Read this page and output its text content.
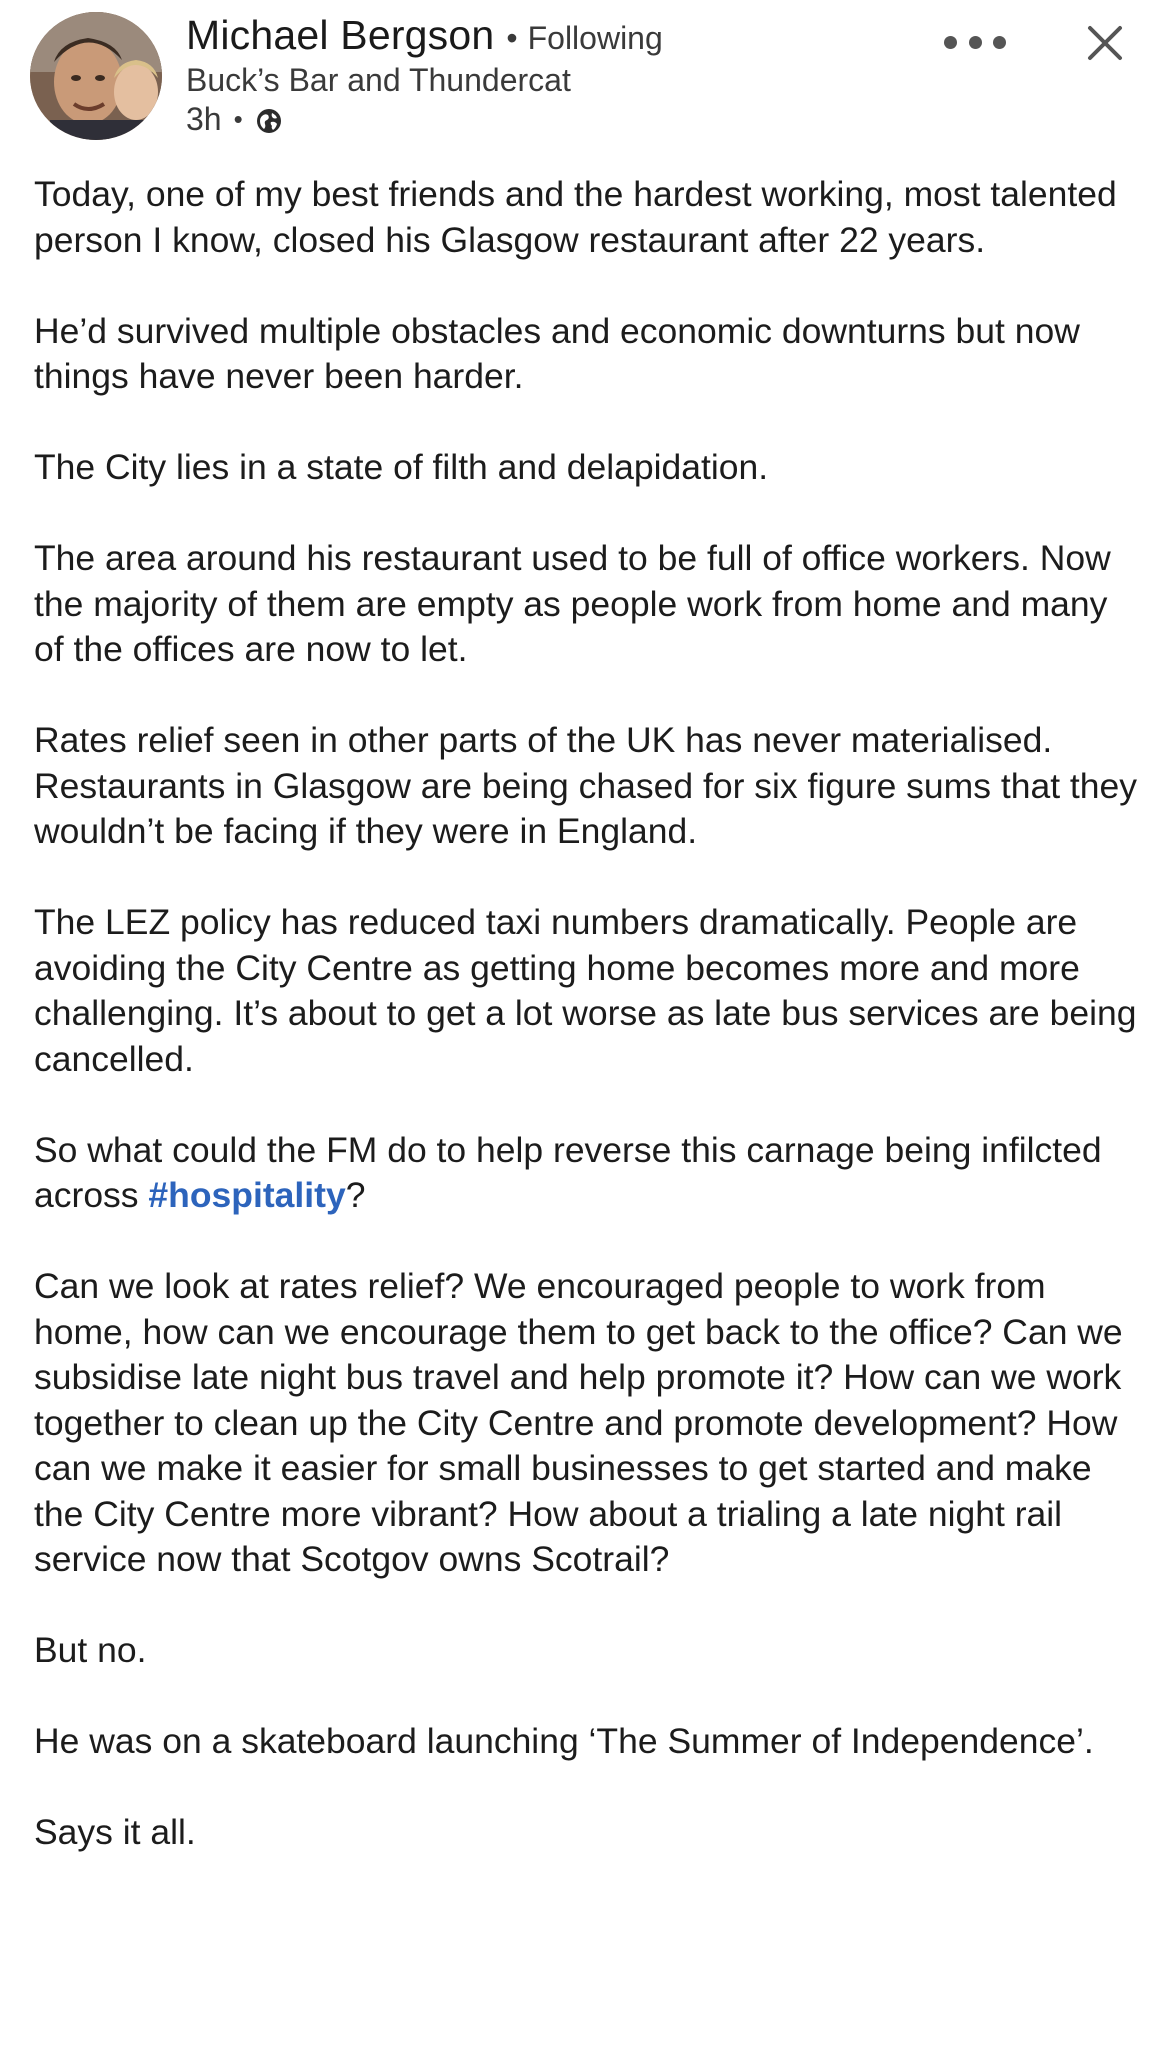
Michael Bergson • Following
Buck’s Bar and Thundercat
3h •

Today, one of my best friends and the hardest working, most talented person I know, closed his Glasgow restaurant after 22 years.

He’d survived multiple obstacles and economic downturns but now things have never been harder.

The City lies in a state of filth and delapidation.

The area around his restaurant used to be full of office workers. Now the majority of them are empty as people work from home and many of the offices are now to let.

Rates relief seen in other parts of the UK has never materialised. Restaurants in Glasgow are being chased for six figure sums that they wouldn’t be facing if they were in England.

The LEZ policy has reduced taxi numbers dramatically. People are avoiding the City Centre as getting home becomes more and more challenging. It’s about to get a lot worse as late bus services are being cancelled.

So what could the FM do to help reverse this carnage being infilcted across #hospitality?

Can we look at rates relief? We encouraged people to work from home, how can we encourage them to get back to the office? Can we subsidise late night bus travel and help promote it? How can we work together to clean up the City Centre and promote development? How can we make it easier for small businesses to get started and make the City Centre more vibrant? How about a trialing a late night rail service now that Scotgov owns Scotrail?

But no.

He was on a skateboard launching ‘The Summer of Independence’.

Says it all.
